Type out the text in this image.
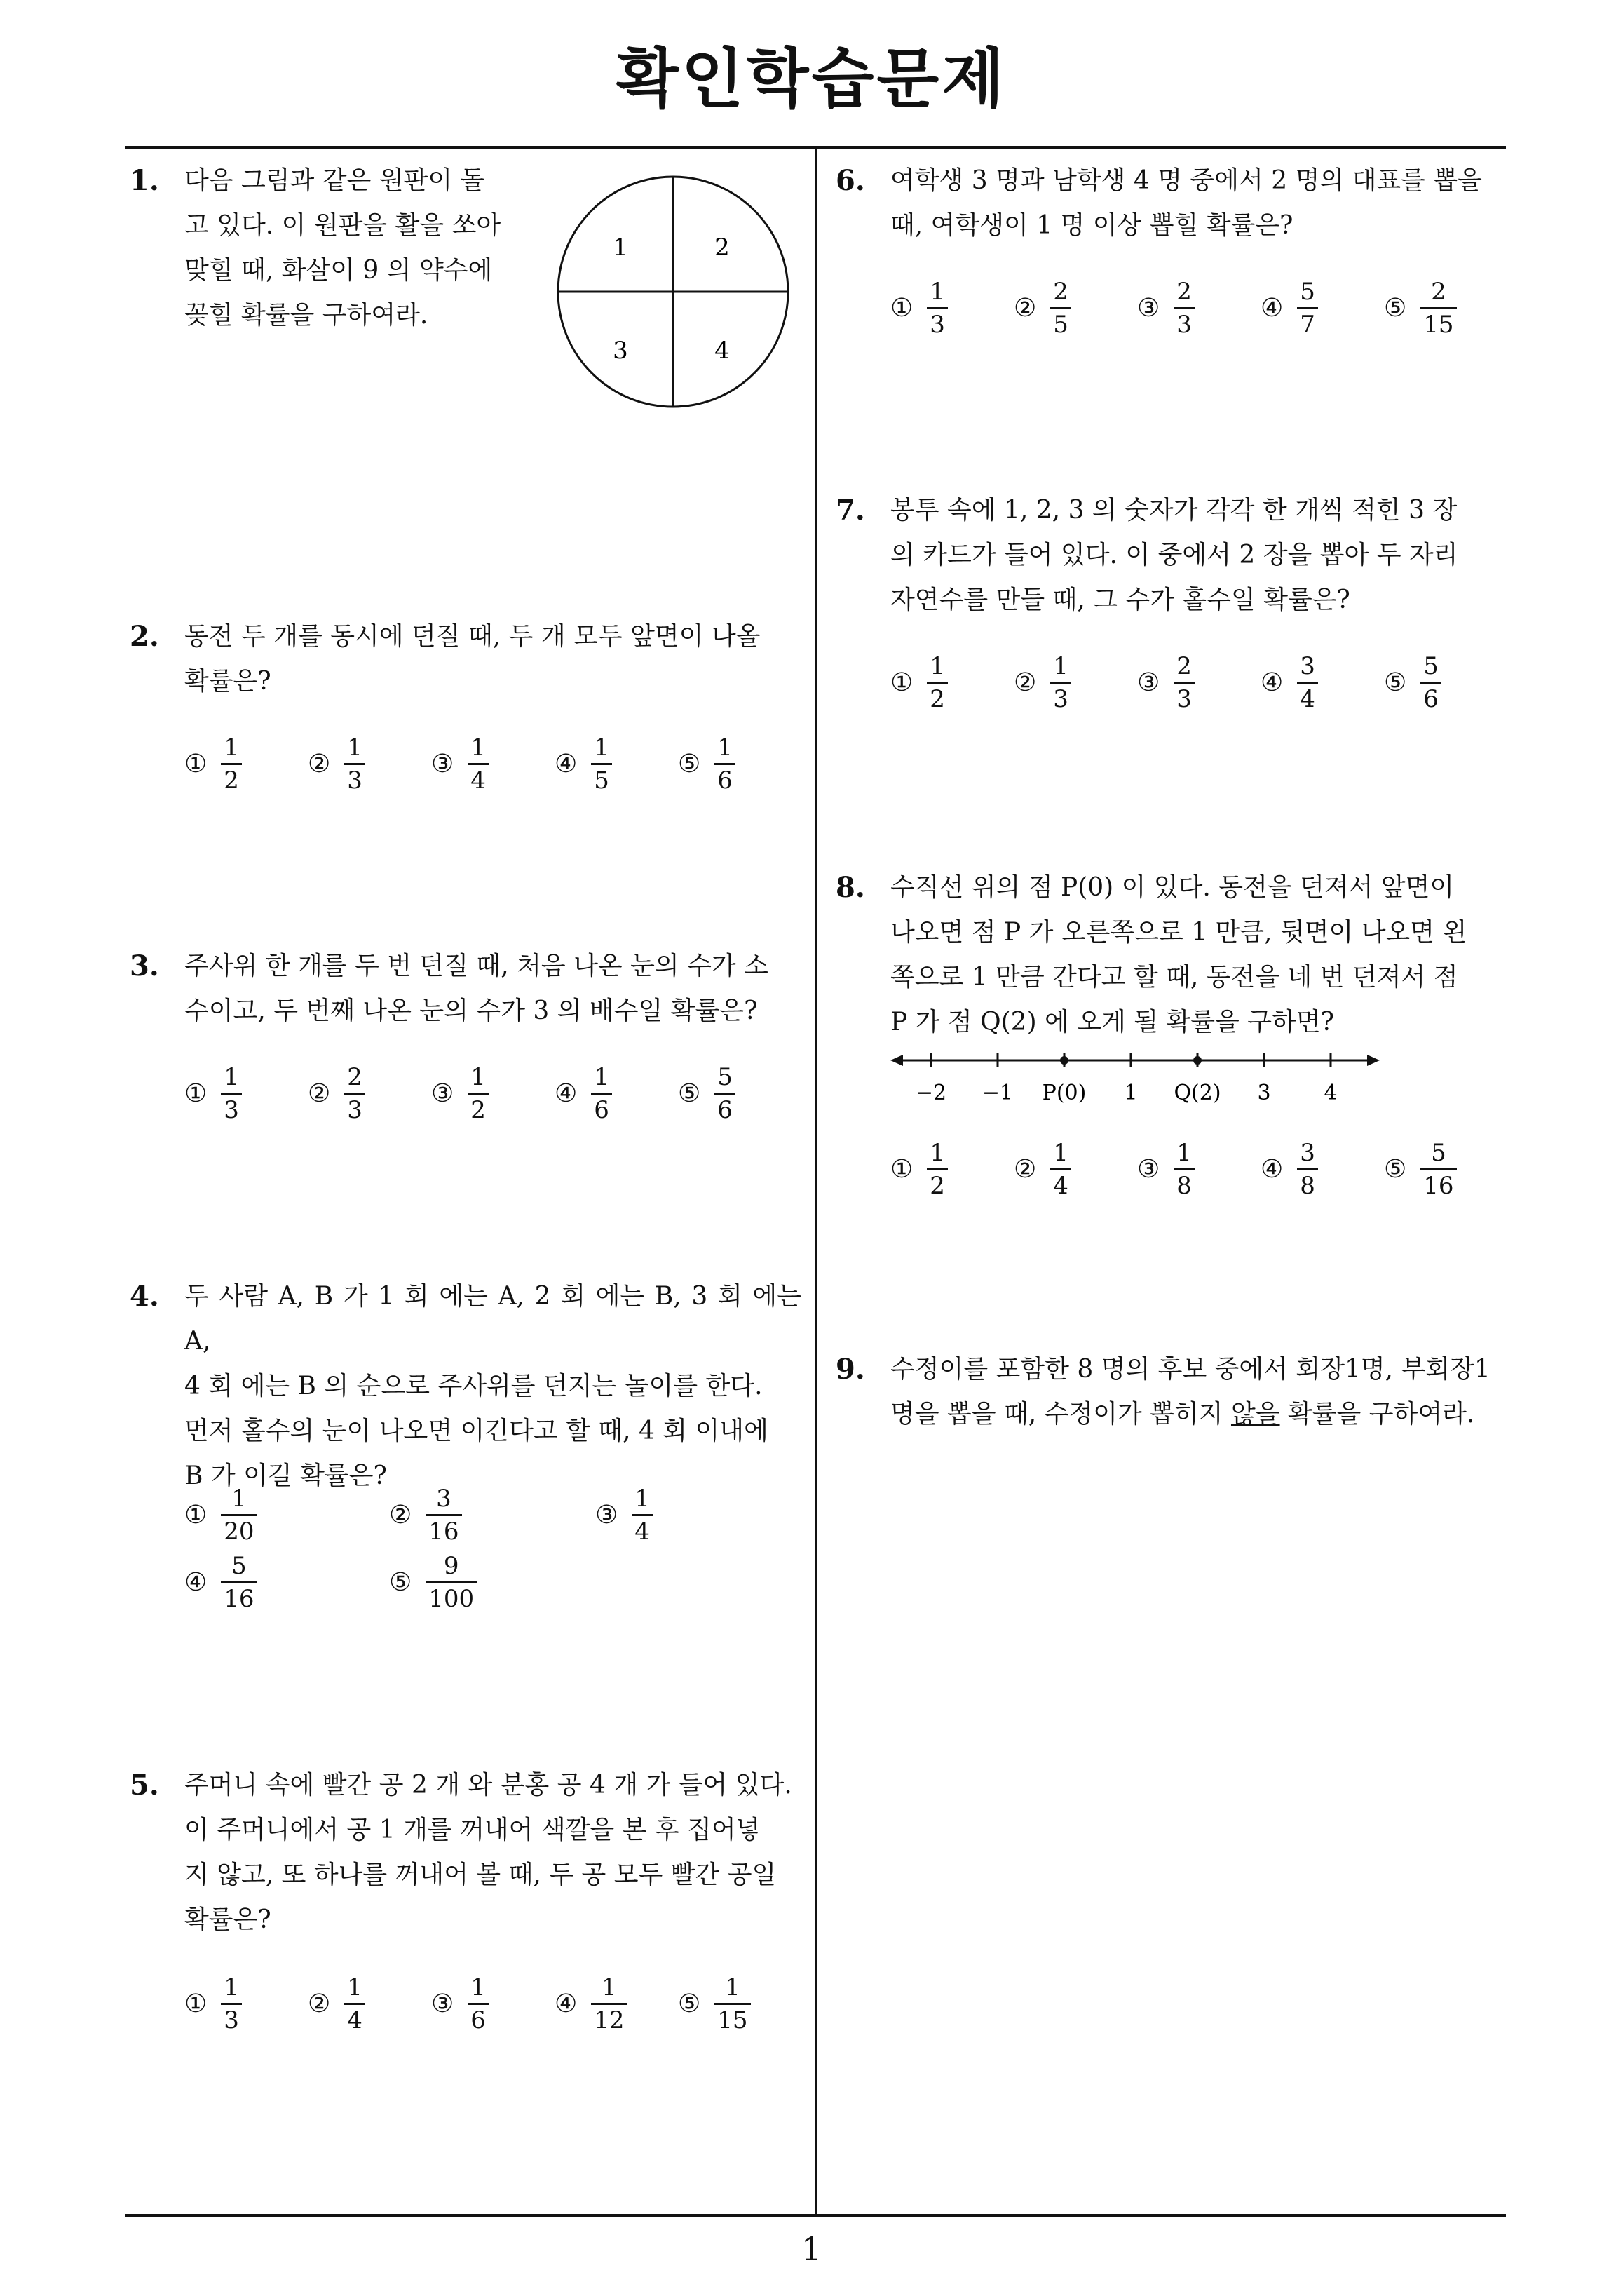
확인학습문제
1
1. 다음 그림과 같은 원판이 돌
고 있다. 이 원판을 활을 쏘아
맞힐 때, 화살이 9 의 약수에
꽂힐 확률을 구하여라.
1	2
3	4
2. 동전 두 개를 동시에 던질 때, 두 개 모두 앞면이 나올
확률은?
① $\frac{1}{2}$	② $\frac{1}{3}$	③ $\frac{1}{4}$	④ $\frac{1}{5}$	⑤ $\frac{1}{6}$
3. 주사위 한 개를 두 번 던질 때, 처음 나온 눈의 수가 소
수이고, 두 번째 나온 눈의 수가 3 의 배수일 확률은?
① $\frac{1}{3}$	② $\frac{2}{3}$	③ $\frac{1}{2}$	④ $\frac{1}{6}$	⑤ $\frac{5}{6}$
4. 두 사람 A, B 가 1 회 에는 A, 2 회 에는 B, 3 회 에는 A,
4 회 에는 B 의 순으로 주사위를 던지는 놀이를 한다.
먼저 홀수의 눈이 나오면 이긴다고 할 때, 4 회 이내에
B 가 이길 확률은?
① $\frac{1}{20}$	② $\frac{3}{16}$	③ $\frac{1}{4}$
④ $\frac{5}{16}$	⑤ $\frac{9}{100}$
5. 주머니 속에 빨간 공 2 개 와 분홍 공 4 개 가 들어 있다.
이 주머니에서 공 1 개를 꺼내어 색깔을 본 후 집어넣
지 않고, 또 하나를 꺼내어 볼 때, 두 공 모두 빨간 공일
확률은?
① $\frac{1}{3}$	② $\frac{1}{4}$	③ $\frac{1}{6}$	④ $\frac{1}{12}$ ⑤ $\frac{1}{15}$
6. 여학생 3 명과 남학생 4 명 중에서 2 명의 대표를 뽑을
때, 여학생이 1 명 이상 뽑힐 확률은?
① $\frac{1}{3}$	② $\frac{2}{5}$	③ $\frac{2}{3}$	④ $\frac{5}{7}$	⑤ $\frac{2}{15}$
7. 봉투 속에 1, 2, 3 의 숫자가 각각 한 개씩 적힌 3 장
의 카드가 들어 있다. 이 중에서 2 장을 뽑아 두 자리
자연수를 만들 때, 그 수가 홀수일 확률은?
① $\frac{1}{2}$	② $\frac{1}{3}$	③ $\frac{2}{3}$	④ $\frac{3}{4}$	⑤ $\frac{5}{6}$
8. 수직선 위의 점 P(0) 이 있다. 동전을 던져서 앞면이
나오면 점 P 가 오른쪽으로 1 만큼, 뒷면이 나오면 왼
쪽으로 1 만큼 간다고 할 때, 동전을 네 번 던져서 점
P 가 점 Q(2) 에 오게 될 확률을 구하면?
−2 −1 P(0) 1 Q(2) 3	4
① $\frac{1}{2}$	② $\frac{1}{4}$	③ $\frac{1}{8}$	④ $\frac{3}{8}$	⑤ $\frac{5}{16}$
9. 수정이를 포함한 8 명의 후보 중에서 회장1명, 부회장1
명을 뽑을 때, 수정이가 뽑히지 않을 확률을 구하여라.
